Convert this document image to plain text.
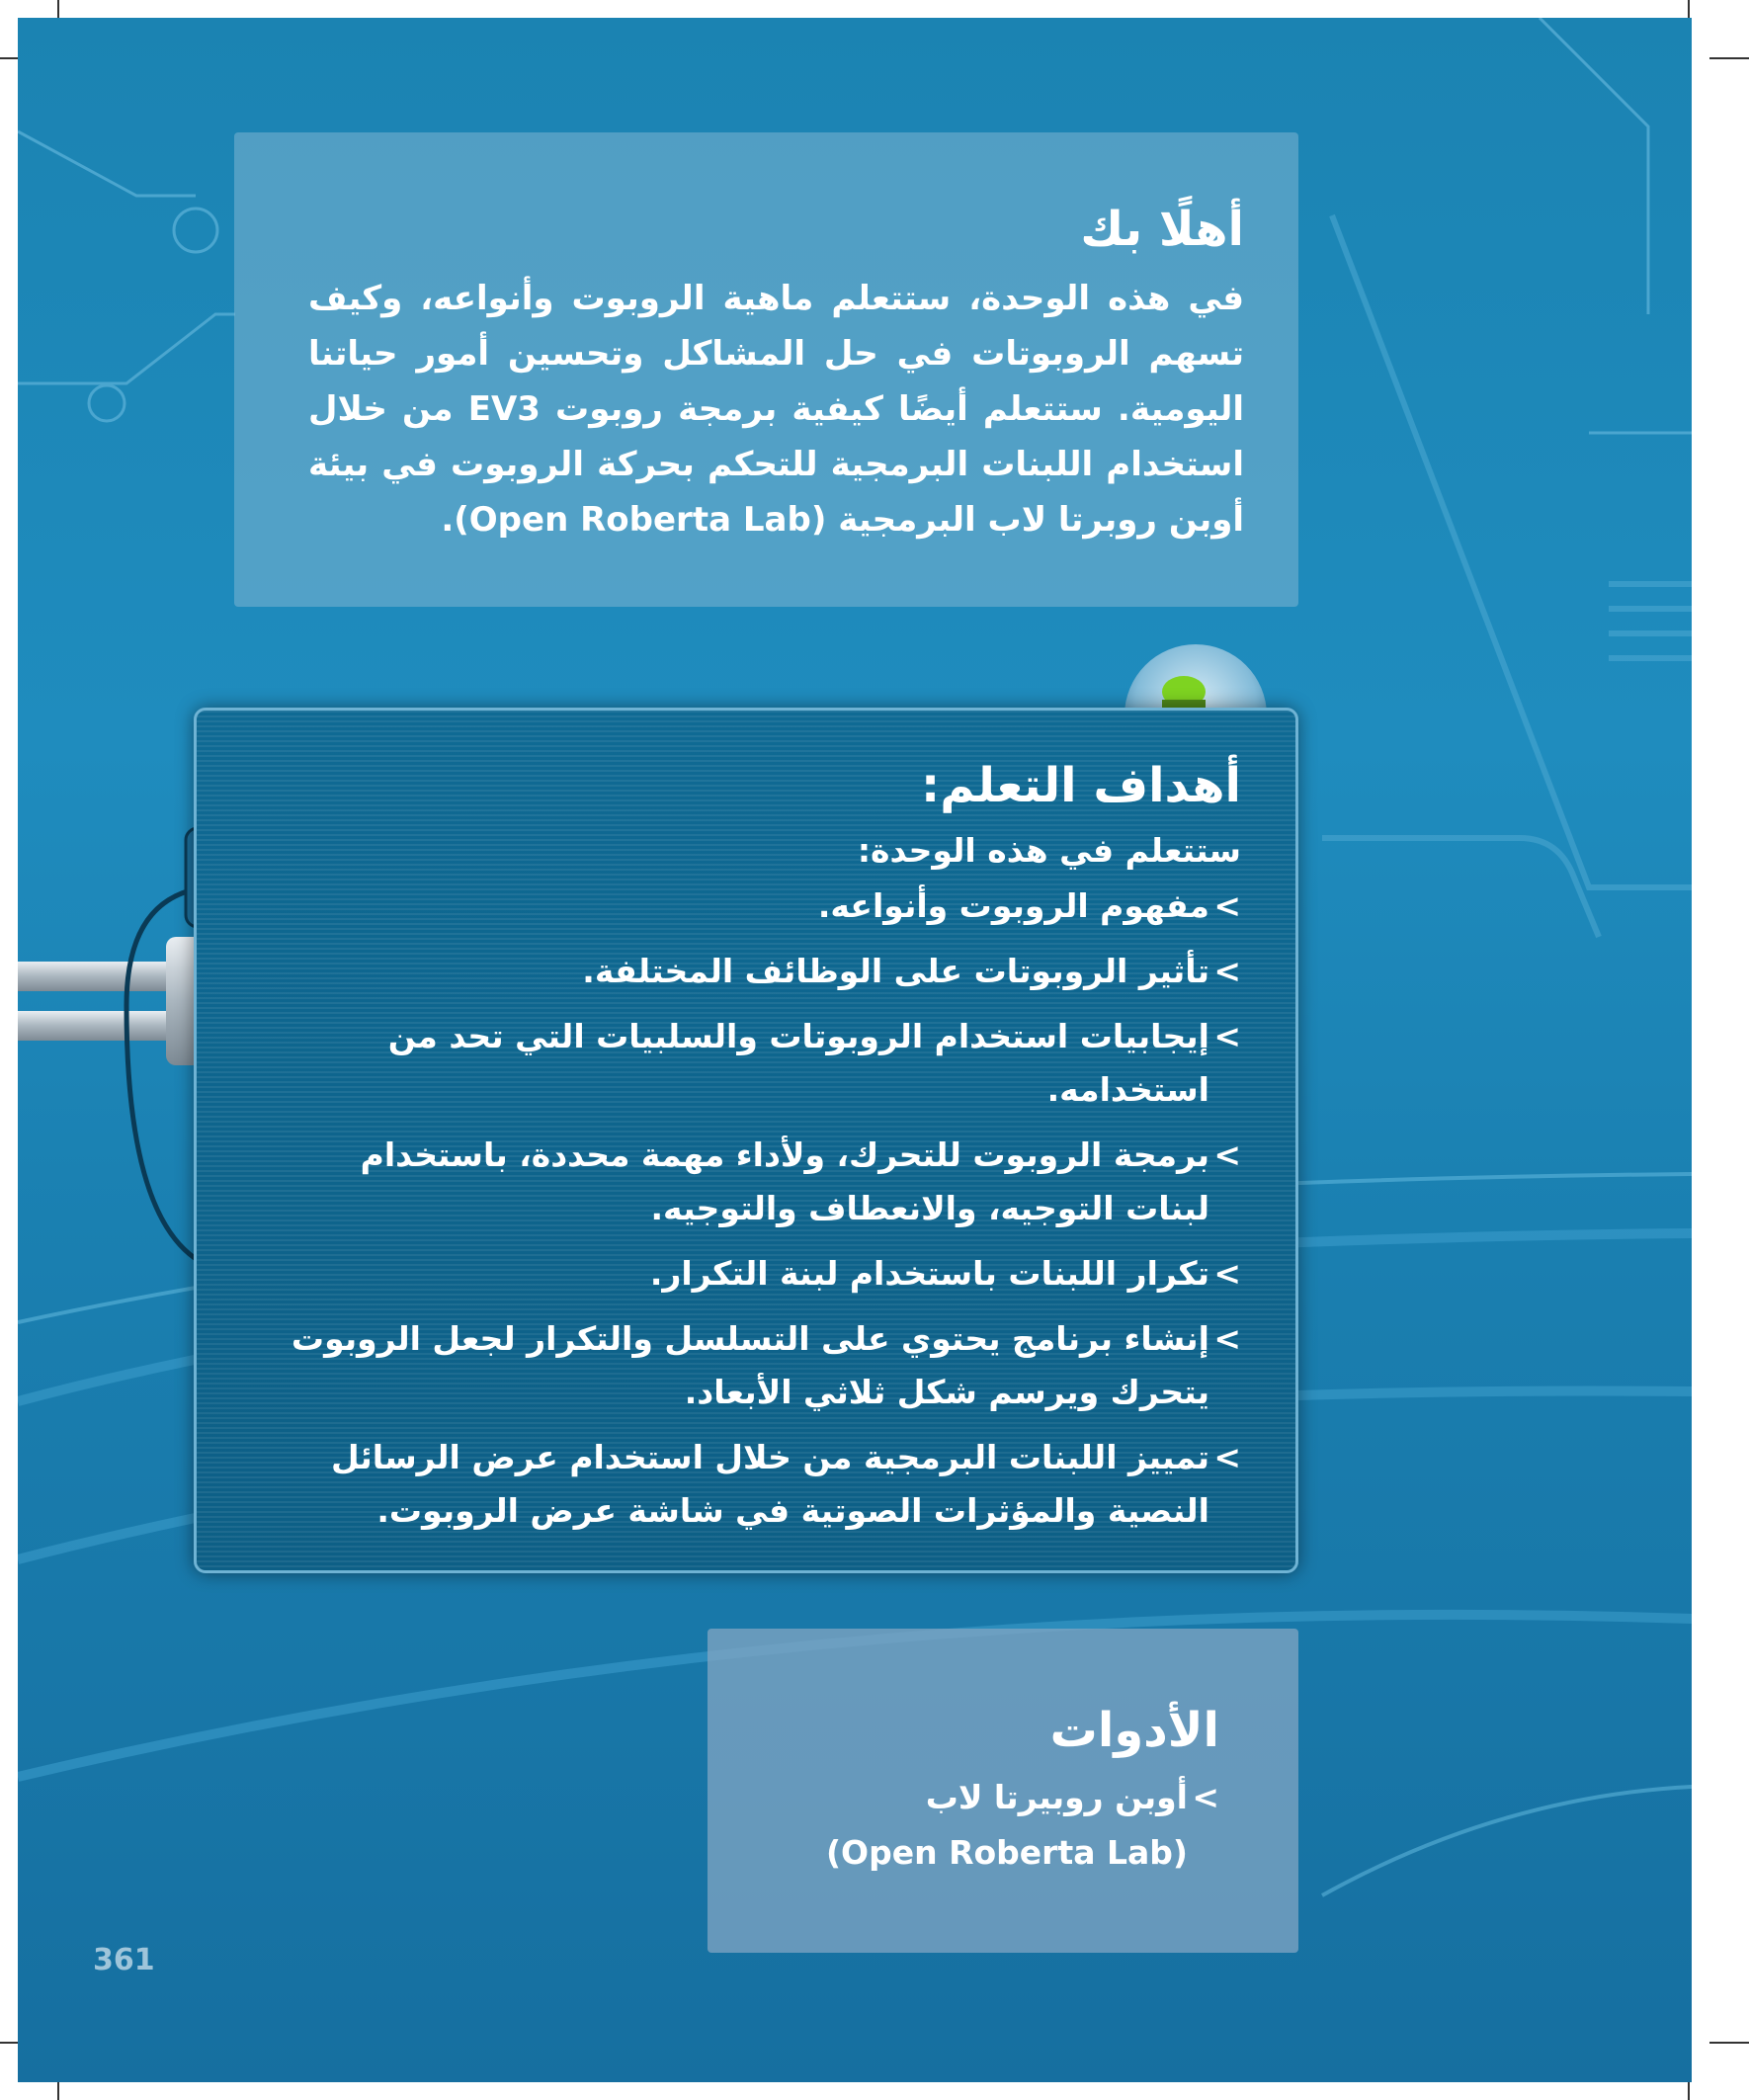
أهلًا بك

في هذه الوحدة، ستتعلم ماهية الروبوت وأنواعه، وكيف تسهم الروبوتات في حل المشاكل وتحسين أمور حياتنا اليومية. ستتعلم أيضًا كيفية برمجة روبوت EV3 من خلال استخدام اللبنات البرمجية للتحكم بحركة الروبوت في بيئة أوبن روبرتا لاب البرمجية (Open Roberta Lab).

أهداف التعلم:
ستتعلم في هذه الوحدة:
>
مفهوم الروبوت وأنواعه.
>
تأثير الروبوتات على الوظائف المختلفة.
>
إيجابيات استخدام الروبوتات والسلبيات التي تحد من استخدامه.
>
برمجة الروبوت للتحرك، ولأداء مهمة محددة، باستخدام لبنات التوجيه، والانعطاف والتوجيه.
>
تكرار اللبنات باستخدام لبنة التكرار.
>
إنشاء برنامج يحتوي على التسلسل والتكرار لجعل الروبوت يتحرك ويرسم شكل ثلاثي الأبعاد.
>
تمييز اللبنات البرمجية من خلال استخدام عرض الرسائل النصية والمؤثرات الصوتية في شاشة عرض الروبوت.
الأدوات
>
أوبن روبيرتا لاب
(Open Roberta Lab)
361
